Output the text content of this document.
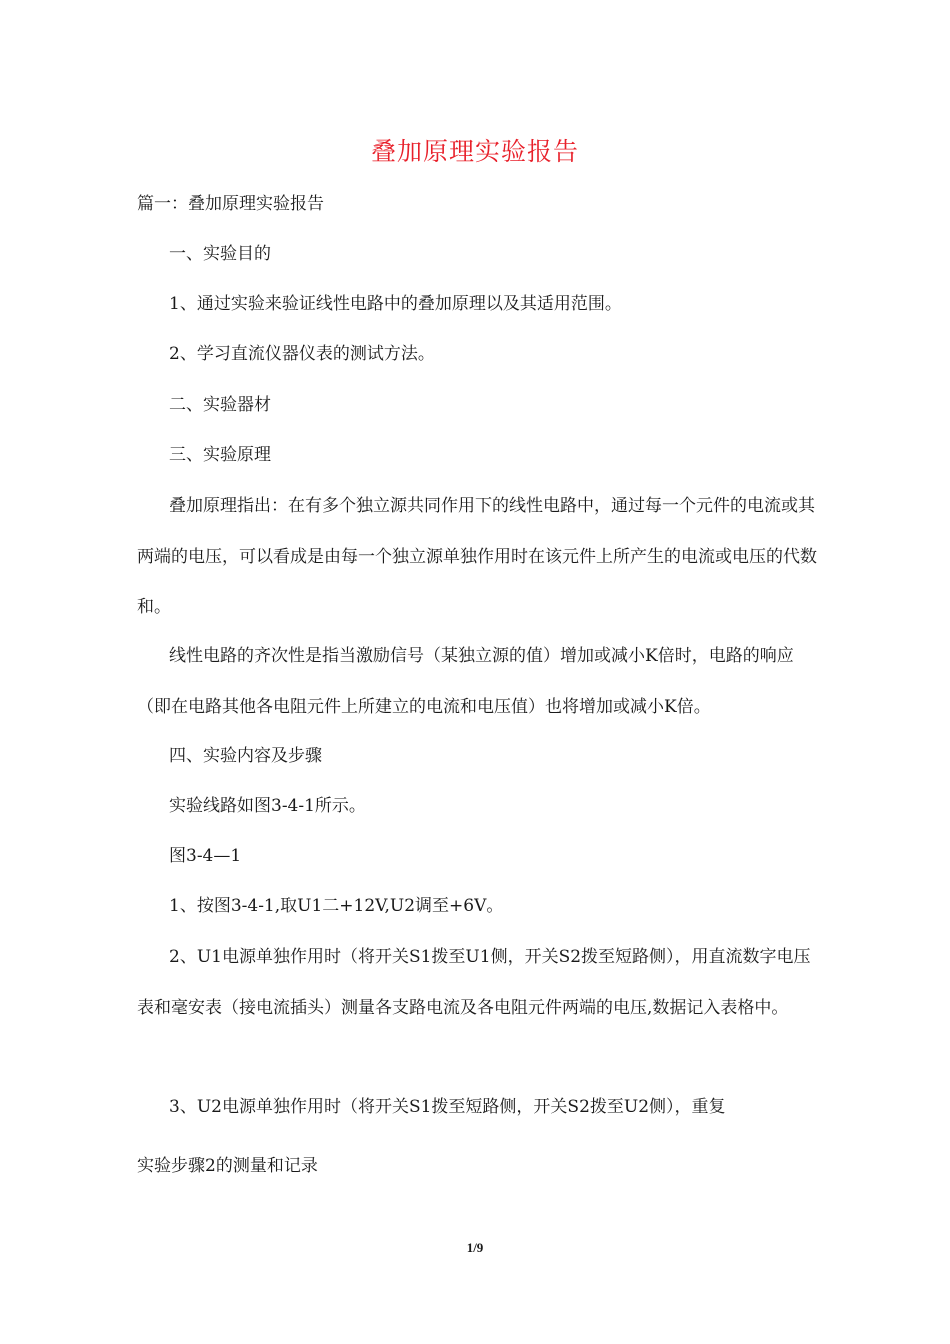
叠加原理实验报告

篇一：叠加原理实验报告

一、实验目的

1、通过实验来验证线性电路中的叠加原理以及其适用范围。

2、学习直流仪器仪表的测试方法。

二、实验器材

三、实验原理

叠加原理指出：在有多个独立源共同作用下的线性电路中，通过每一个元件的电流或其两端的电压，可以看成是由每一个独立源单独作用时在该元件上所产生的电流或电压的代数和。

线性电路的齐次性是指当激励信号（某独立源的值）增加或减小K倍时，电路的响应（即在电路其他各电阻元件上所建立的电流和电压值）也将增加或减小K倍。

四、实验内容及步骤

实验线路如图3-4-1所示。

图3-4—1

1、按图3-4-1,取U1二+12V,U2调至+6V。

2、U1电源单独作用时（将开关S1拨至U1侧，开关S2拨至短路侧），用直流数字电压表和毫安表（接电流插头）测量各支路电流及各电阻元件两端的电压,数据记入表格中。

3、U2电源单独作用时（将开关S1拨至短路侧，开关S2拨至U2侧），重复

实验步骤2的测量和记录

1/9
